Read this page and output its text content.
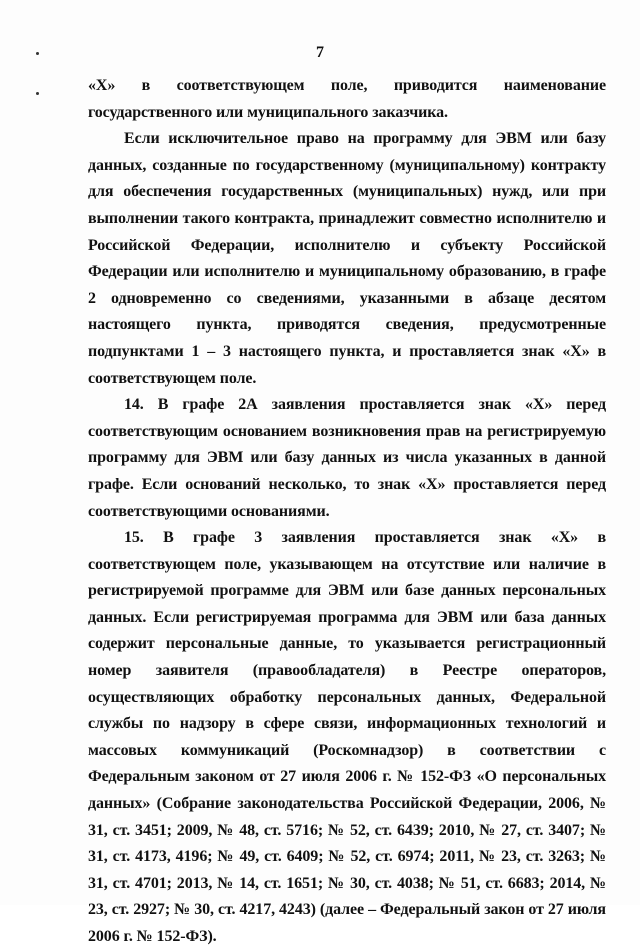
7

«Х» в соответствующем поле, приводится наименование государственного или муниципального заказчика.

Если исключительное право на программу для ЭВМ или базу данных, созданные по государственному (муниципальному) контракту для обеспечения государственных (муниципальных) нужд, или при выполнении такого контракта, принадлежит совместно исполнителю и Российской Федерации, исполнителю и субъекту Российской Федерации или исполнителю и муниципальному образованию, в графе 2 одновременно со сведениями, указанными в абзаце десятом настоящего пункта, приводятся сведения, предусмотренные подпунктами 1 – 3 настоящего пункта, и проставляется знак «Х» в соответствующем поле.

14. В графе 2А заявления проставляется знак «Х» перед соответствующим основанием возникновения прав на регистрируемую программу для ЭВМ или базу данных из числа указанных в данной графе. Если оснований несколько, то знак «Х» проставляется перед соответствующими основаниями.

15. В графе 3 заявления проставляется знак «Х» в соответствующем поле, указывающем на отсутствие или наличие в регистрируемой программе для ЭВМ или базе данных персональных данных. Если регистрируемая программа для ЭВМ или база данных содержит персональные данные, то указывается регистрационный номер заявителя (правообладателя) в Реестре операторов, осуществляющих обработку персональных данных, Федеральной службы по надзору в сфере связи, информационных технологий и массовых коммуникаций (Роскомнадзор) в соответствии с Федеральным законом от 27 июля 2006 г. № 152-ФЗ «О персональных данных» (Собрание законодательства Российской Федерации, 2006, № 31, ст. 3451; 2009, № 48, ст. 5716; № 52, ст. 6439; 2010, № 27, ст. 3407; № 31, ст. 4173, 4196; № 49, ст. 6409; № 52, ст. 6974; 2011, № 23, ст. 3263; № 31, ст. 4701; 2013, № 14, ст. 1651; № 30, ст. 4038; № 51, ст. 6683; 2014, № 23, ст. 2927; № 30, ст. 4217, 4243) (далее – Федеральный закон от 27 июля 2006 г. № 152-ФЗ).
